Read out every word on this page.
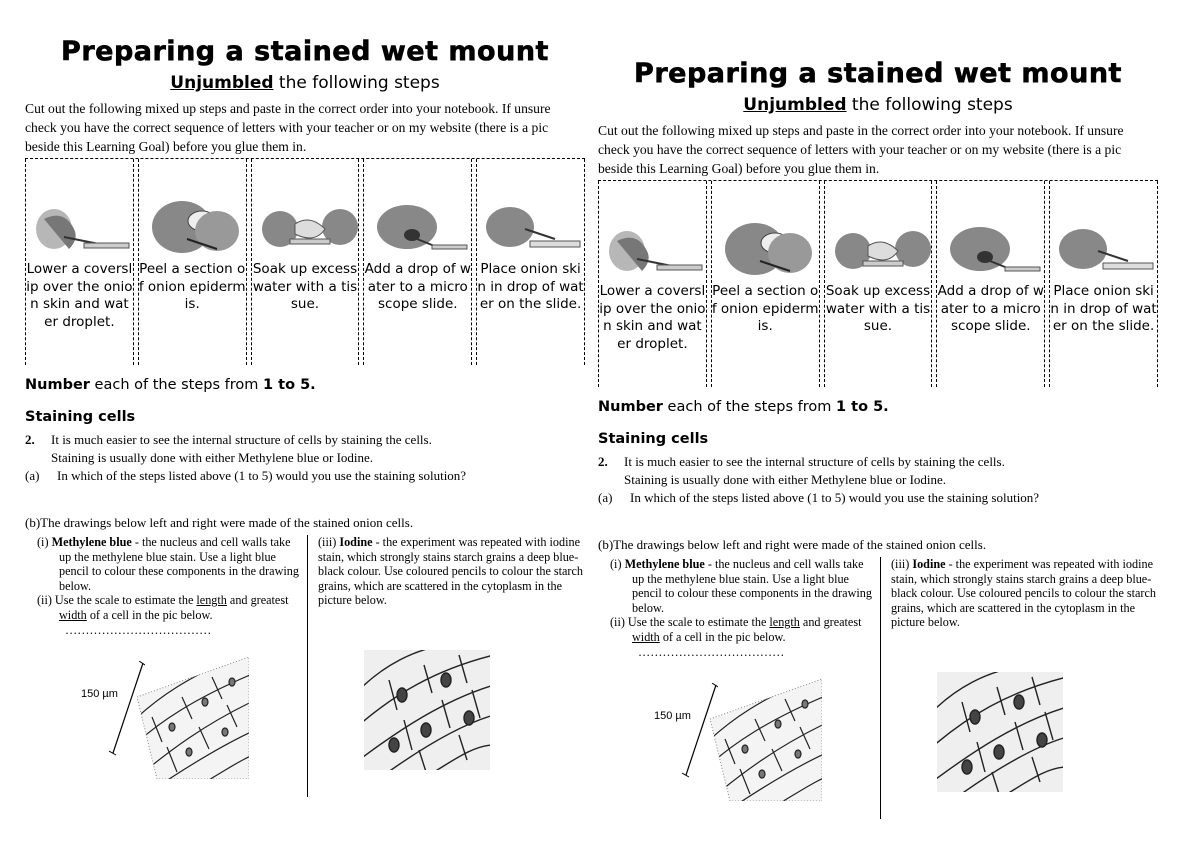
Preparing a stained wet mount
Unjumbled the following steps
Cut out the following mixed up steps and paste in the correct order into your notebook. If unsure check you have the correct sequence of letters with your teacher or on my website (there is a pic beside this Learning Goal) before you glue them in.
Lower a coverslip over the onion skin and water droplet.
Peel a section of onion epidermis.
Soak up excess water with a tissue.
Add a drop of water to a microscope slide.
Place onion skin in drop of water on the slide.
Number each of the steps from 1 to 5.
Staining cells
2. It is much easier to see the internal structure of cells by staining the cells.
Staining is usually done with either Methylene blue or Iodine.
(a) In which of the steps listed above (1 to 5) would you use the staining solution?
(b)The drawings below left and right were made of the stained onion cells.
(i) Methylene blue - the nucleus and cell walls take up the methylene blue stain. Use a light blue pencil to colour these components in the drawing below.
(ii) Use the scale to estimate the length and greatest width of a cell in the pic below.
………………………………
150 µm
(iii) Iodine - the experiment was repeated with iodine stain, which strongly stains starch grains a deep blue-black colour. Use coloured pencils to colour the starch grains, which are scattered in the cytoplasm in the picture below.
Preparing a stained wet mount
Unjumbled the following steps
Cut out the following mixed up steps and paste in the correct order into your notebook. If unsure check you have the correct sequence of letters with your teacher or on my website (there is a pic beside this Learning Goal) before you glue them in.
Lower a coverslip over the onion skin and water droplet.
Peel a section of onion epidermis.
Soak up excess water with a tissue.
Add a drop of water to a microscope slide.
Place onion skin in drop of water on the slide.
Number each of the steps from 1 to 5.
Staining cells
2. It is much easier to see the internal structure of cells by staining the cells.
Staining is usually done with either Methylene blue or Iodine.
(a) In which of the steps listed above (1 to 5) would you use the staining solution?
(b)The drawings below left and right were made of the stained onion cells.
(i) Methylene blue - the nucleus and cell walls take up the methylene blue stain. Use a light blue pencil to colour these components in the drawing below.
(ii) Use the scale to estimate the length and greatest width of a cell in the pic below.
………………………………
150 µm
(iii) Iodine - the experiment was repeated with iodine stain, which strongly stains starch grains a deep blue-black colour. Use coloured pencils to colour the starch grains, which are scattered in the cytoplasm in the picture below.
